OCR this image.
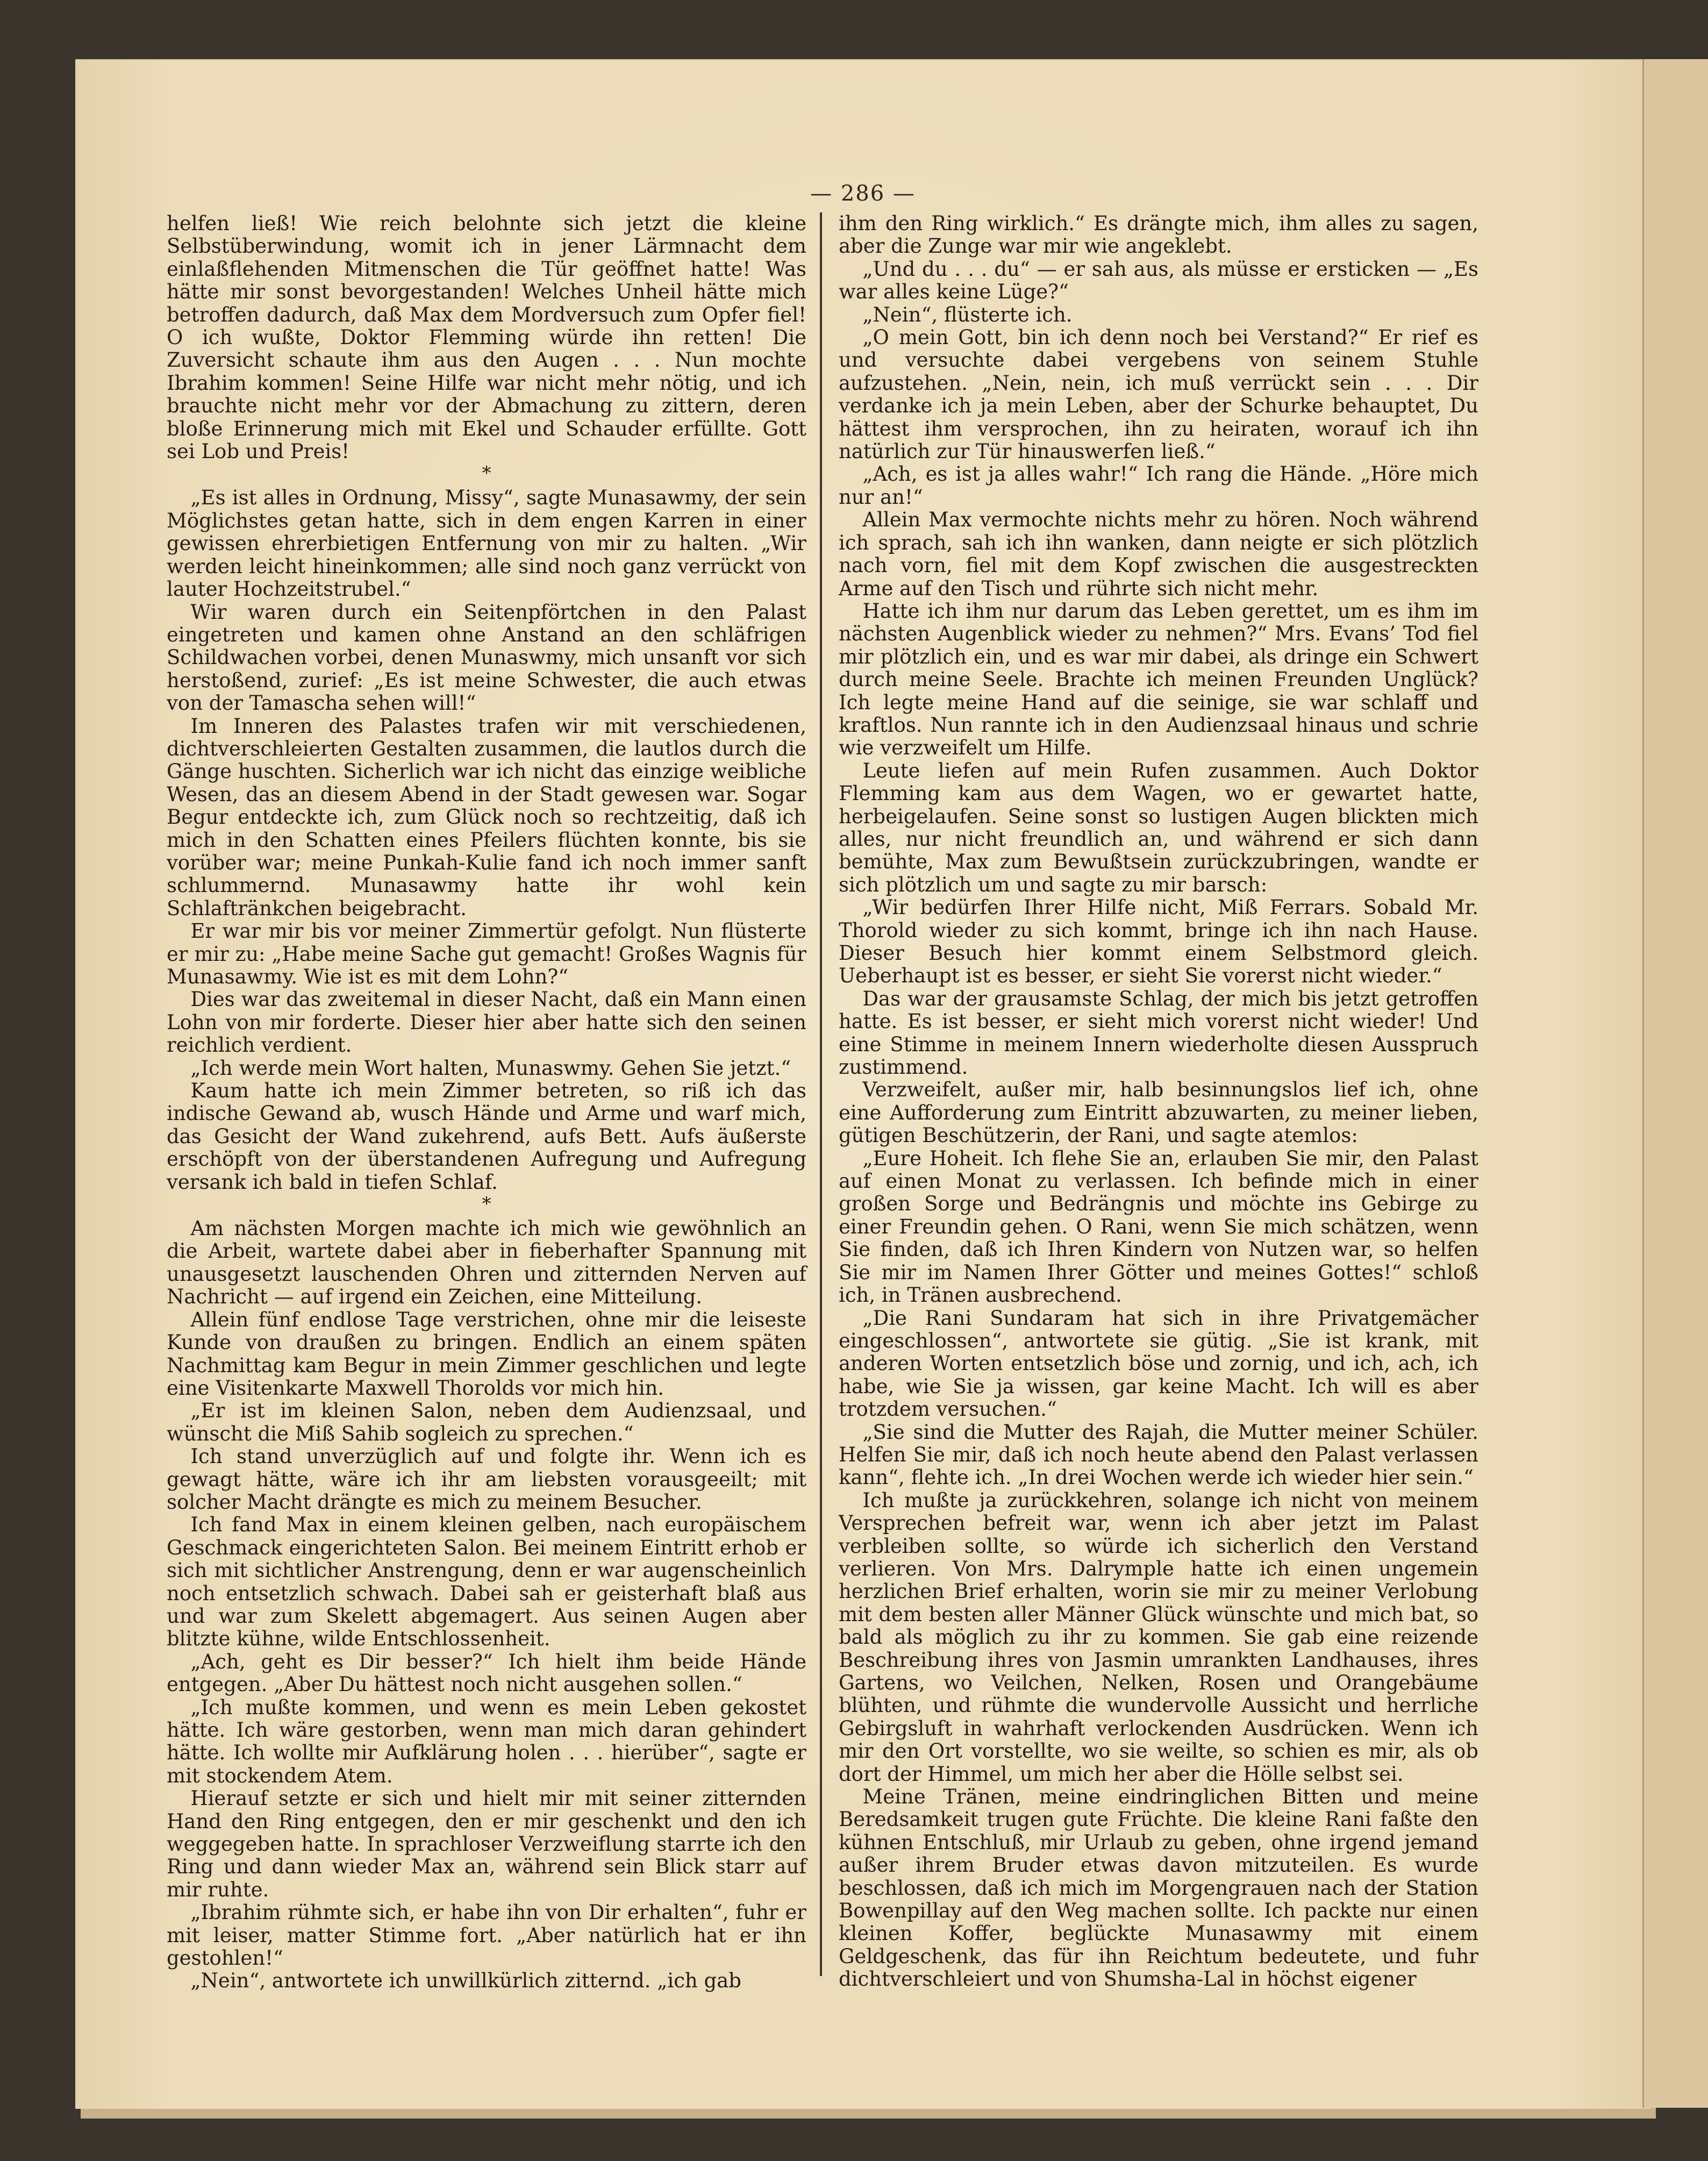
— 286 —

helfen ließ! Wie reich belohnte sich jetzt die kleine Selbstüberwindung, womit ich in jener Lärmnacht dem einlaßflehenden Mitmenschen die Tür geöffnet hatte! Was hätte mir sonst bevorgestanden! Welches Unheil hätte mich betroffen dadurch, daß Max dem Mordversuch zum Opfer fiel! O ich wußte, Doktor Flemming würde ihn retten! Die Zuversicht schaute ihm aus den Augen . . . Nun mochte Ibrahim kommen! Seine Hilfe war nicht mehr nötig, und ich brauchte nicht mehr vor der Abmachung zu zittern, deren bloße Erinnerung mich mit Ekel und Schauder erfüllte. Gott sei Lob und Preis!

*

„Es ist alles in Ordnung, Missy“, sagte Munasawmy, der sein Möglichstes getan hatte, sich in dem engen Karren in einer gewissen ehrerbietigen Entfernung von mir zu halten. „Wir werden leicht hineinkommen; alle sind noch ganz verrückt von lauter Hochzeitstrubel.“

Wir waren durch ein Seitenpförtchen in den Palast eingetreten und kamen ohne Anstand an den schläfrigen Schildwachen vorbei, denen Munaswmy, mich unsanft vor sich herstoßend, zurief: „Es ist meine Schwester, die auch etwas von der Tamascha sehen will!“

Im Inneren des Palastes trafen wir mit verschiedenen, dichtverschleierten Gestalten zusammen, die lautlos durch die Gänge huschten. Sicherlich war ich nicht das einzige weibliche Wesen, das an diesem Abend in der Stadt gewesen war. Sogar Begur entdeckte ich, zum Glück noch so rechtzeitig, daß ich mich in den Schatten eines Pfeilers flüchten konnte, bis sie vorüber war; meine Punkah-Kulie fand ich noch immer sanft schlummernd. Munasawmy hatte ihr wohl kein Schlaftränkchen beigebracht.

Er war mir bis vor meiner Zimmertür gefolgt. Nun flüsterte er mir zu: „Habe meine Sache gut gemacht! Großes Wagnis für Munasawmy. Wie ist es mit dem Lohn?“

Dies war das zweitemal in dieser Nacht, daß ein Mann einen Lohn von mir forderte. Dieser hier aber hatte sich den seinen reichlich verdient.

„Ich werde mein Wort halten, Munaswmy. Gehen Sie jetzt.“

Kaum hatte ich mein Zimmer betreten, so riß ich das indische Gewand ab, wusch Hände und Arme und warf mich, das Gesicht der Wand zukehrend, aufs Bett. Aufs äußerste erschöpft von der überstandenen Aufregung und Aufregung versank ich bald in tiefen Schlaf.

*

Am nächsten Morgen machte ich mich wie gewöhnlich an die Arbeit, wartete dabei aber in fieberhafter Spannung mit unausgesetzt lauschenden Ohren und zitternden Nerven auf Nachricht — auf irgend ein Zeichen, eine Mitteilung.

Allein fünf endlose Tage verstrichen, ohne mir die leiseste Kunde von draußen zu bringen. Endlich an einem späten Nachmittag kam Begur in mein Zimmer geschlichen und legte eine Visitenkarte Maxwell Thorolds vor mich hin.

„Er ist im kleinen Salon, neben dem Audienzsaal, und wünscht die Miß Sahib sogleich zu sprechen.“

Ich stand unverzüglich auf und folgte ihr. Wenn ich es gewagt hätte, wäre ich ihr am liebsten vorausgeeilt; mit solcher Macht drängte es mich zu meinem Besucher.

Ich fand Max in einem kleinen gelben, nach europäischem Geschmack eingerichteten Salon. Bei meinem Eintritt erhob er sich mit sichtlicher Anstrengung, denn er war augenscheinlich noch entsetzlich schwach. Dabei sah er geisterhaft blaß aus und war zum Skelett abgemagert. Aus seinen Augen aber blitzte kühne, wilde Entschlossenheit.

„Ach, geht es Dir besser?“ Ich hielt ihm beide Hände entgegen. „Aber Du hättest noch nicht ausgehen sollen.“

„Ich mußte kommen, und wenn es mein Leben gekostet hätte. Ich wäre gestorben, wenn man mich daran gehindert hätte. Ich wollte mir Aufklärung holen . . . hierüber“, sagte er mit stockendem Atem.

Hierauf setzte er sich und hielt mir mit seiner zitternden Hand den Ring entgegen, den er mir geschenkt und den ich weggegeben hatte. In sprachloser Verzweiflung starrte ich den Ring und dann wieder Max an, während sein Blick starr auf mir ruhte.

„Ibrahim rühmte sich, er habe ihn von Dir erhalten“, fuhr er mit leiser, matter Stimme fort. „Aber natürlich hat er ihn gestohlen!“

„Nein“, antwortete ich unwillkürlich zitternd. „ich gab

ihm den Ring wirklich.“ Es drängte mich, ihm alles zu sagen, aber die Zunge war mir wie angeklebt.

„Und du . . . du“ — er sah aus, als müsse er ersticken — „Es war alles keine Lüge?“

„Nein“, flüsterte ich.

„O mein Gott, bin ich denn noch bei Verstand?“ Er rief es und versuchte dabei vergebens von seinem Stuhle aufzustehen. „Nein, nein, ich muß verrückt sein . . . Dir verdanke ich ja mein Leben, aber der Schurke behauptet, Du hättest ihm versprochen, ihn zu heiraten, worauf ich ihn natürlich zur Tür hinauswerfen ließ.“

„Ach, es ist ja alles wahr!“ Ich rang die Hände. „Höre mich nur an!“

Allein Max vermochte nichts mehr zu hören. Noch während ich sprach, sah ich ihn wanken, dann neigte er sich plötzlich nach vorn, fiel mit dem Kopf zwischen die ausgestreckten Arme auf den Tisch und rührte sich nicht mehr.

Hatte ich ihm nur darum das Leben gerettet, um es ihm im nächsten Augenblick wieder zu nehmen?“ Mrs. Evans’ Tod fiel mir plötzlich ein, und es war mir dabei, als dringe ein Schwert durch meine Seele. Brachte ich meinen Freunden Unglück? Ich legte meine Hand auf die seinige, sie war schlaff und kraftlos. Nun rannte ich in den Audienzsaal hinaus und schrie wie verzweifelt um Hilfe.

Leute liefen auf mein Rufen zusammen. Auch Doktor Flemming kam aus dem Wagen, wo er gewartet hatte, herbeigelaufen. Seine sonst so lustigen Augen blickten mich alles, nur nicht freundlich an, und während er sich dann bemühte, Max zum Bewußtsein zurückzubringen, wandte er sich plötzlich um und sagte zu mir barsch:

„Wir bedürfen Ihrer Hilfe nicht, Miß Ferrars. Sobald Mr. Thorold wieder zu sich kommt, bringe ich ihn nach Hause. Dieser Besuch hier kommt einem Selbstmord gleich. Ueberhaupt ist es besser, er sieht Sie vorerst nicht wieder.“

Das war der grausamste Schlag, der mich bis jetzt getroffen hatte. Es ist besser, er sieht mich vorerst nicht wieder! Und eine Stimme in meinem Innern wiederholte diesen Ausspruch zustimmend.

Verzweifelt, außer mir, halb besinnungslos lief ich, ohne eine Aufforderung zum Eintritt abzuwarten, zu meiner lieben, gütigen Beschützerin, der Rani, und sagte atemlos:

„Eure Hoheit. Ich flehe Sie an, erlauben Sie mir, den Palast auf einen Monat zu verlassen. Ich befinde mich in einer großen Sorge und Bedrängnis und möchte ins Gebirge zu einer Freundin gehen. O Rani, wenn Sie mich schätzen, wenn Sie finden, daß ich Ihren Kindern von Nutzen war, so helfen Sie mir im Namen Ihrer Götter und meines Gottes!“ schloß ich, in Tränen ausbrechend.

„Die Rani Sundaram hat sich in ihre Privatgemächer eingeschlossen“, antwortete sie gütig. „Sie ist krank, mit anderen Worten entsetzlich böse und zornig, und ich, ach, ich habe, wie Sie ja wissen, gar keine Macht. Ich will es aber trotzdem versuchen.“

„Sie sind die Mutter des Rajah, die Mutter meiner Schüler. Helfen Sie mir, daß ich noch heute abend den Palast verlassen kann“, flehte ich. „In drei Wochen werde ich wieder hier sein.“

Ich mußte ja zurückkehren, solange ich nicht von meinem Versprechen befreit war, wenn ich aber jetzt im Palast verbleiben sollte, so würde ich sicherlich den Verstand verlieren. Von Mrs. Dalrymple hatte ich einen ungemein herzlichen Brief erhalten, worin sie mir zu meiner Verlobung mit dem besten aller Männer Glück wünschte und mich bat, so bald als möglich zu ihr zu kommen. Sie gab eine reizende Beschreibung ihres von Jasmin umrankten Landhauses, ihres Gartens, wo Veilchen, Nelken, Rosen und Orangebäume blühten, und rühmte die wundervolle Aussicht und herrliche Gebirgsluft in wahrhaft verlockenden Ausdrücken. Wenn ich mir den Ort vorstellte, wo sie weilte, so schien es mir, als ob dort der Himmel, um mich her aber die Hölle selbst sei.

Meine Tränen, meine eindringlichen Bitten und meine Beredsamkeit trugen gute Früchte. Die kleine Rani faßte den kühnen Entschluß, mir Urlaub zu geben, ohne irgend jemand außer ihrem Bruder etwas davon mitzuteilen. Es wurde beschlossen, daß ich mich im Morgengrauen nach der Station Bowenpillay auf den Weg machen sollte. Ich packte nur einen kleinen Koffer, beglückte Munasawmy mit einem Geldgeschenk, das für ihn Reichtum bedeutete, und fuhr dichtverschleiert und von Shumsha-Lal in höchst eigener
